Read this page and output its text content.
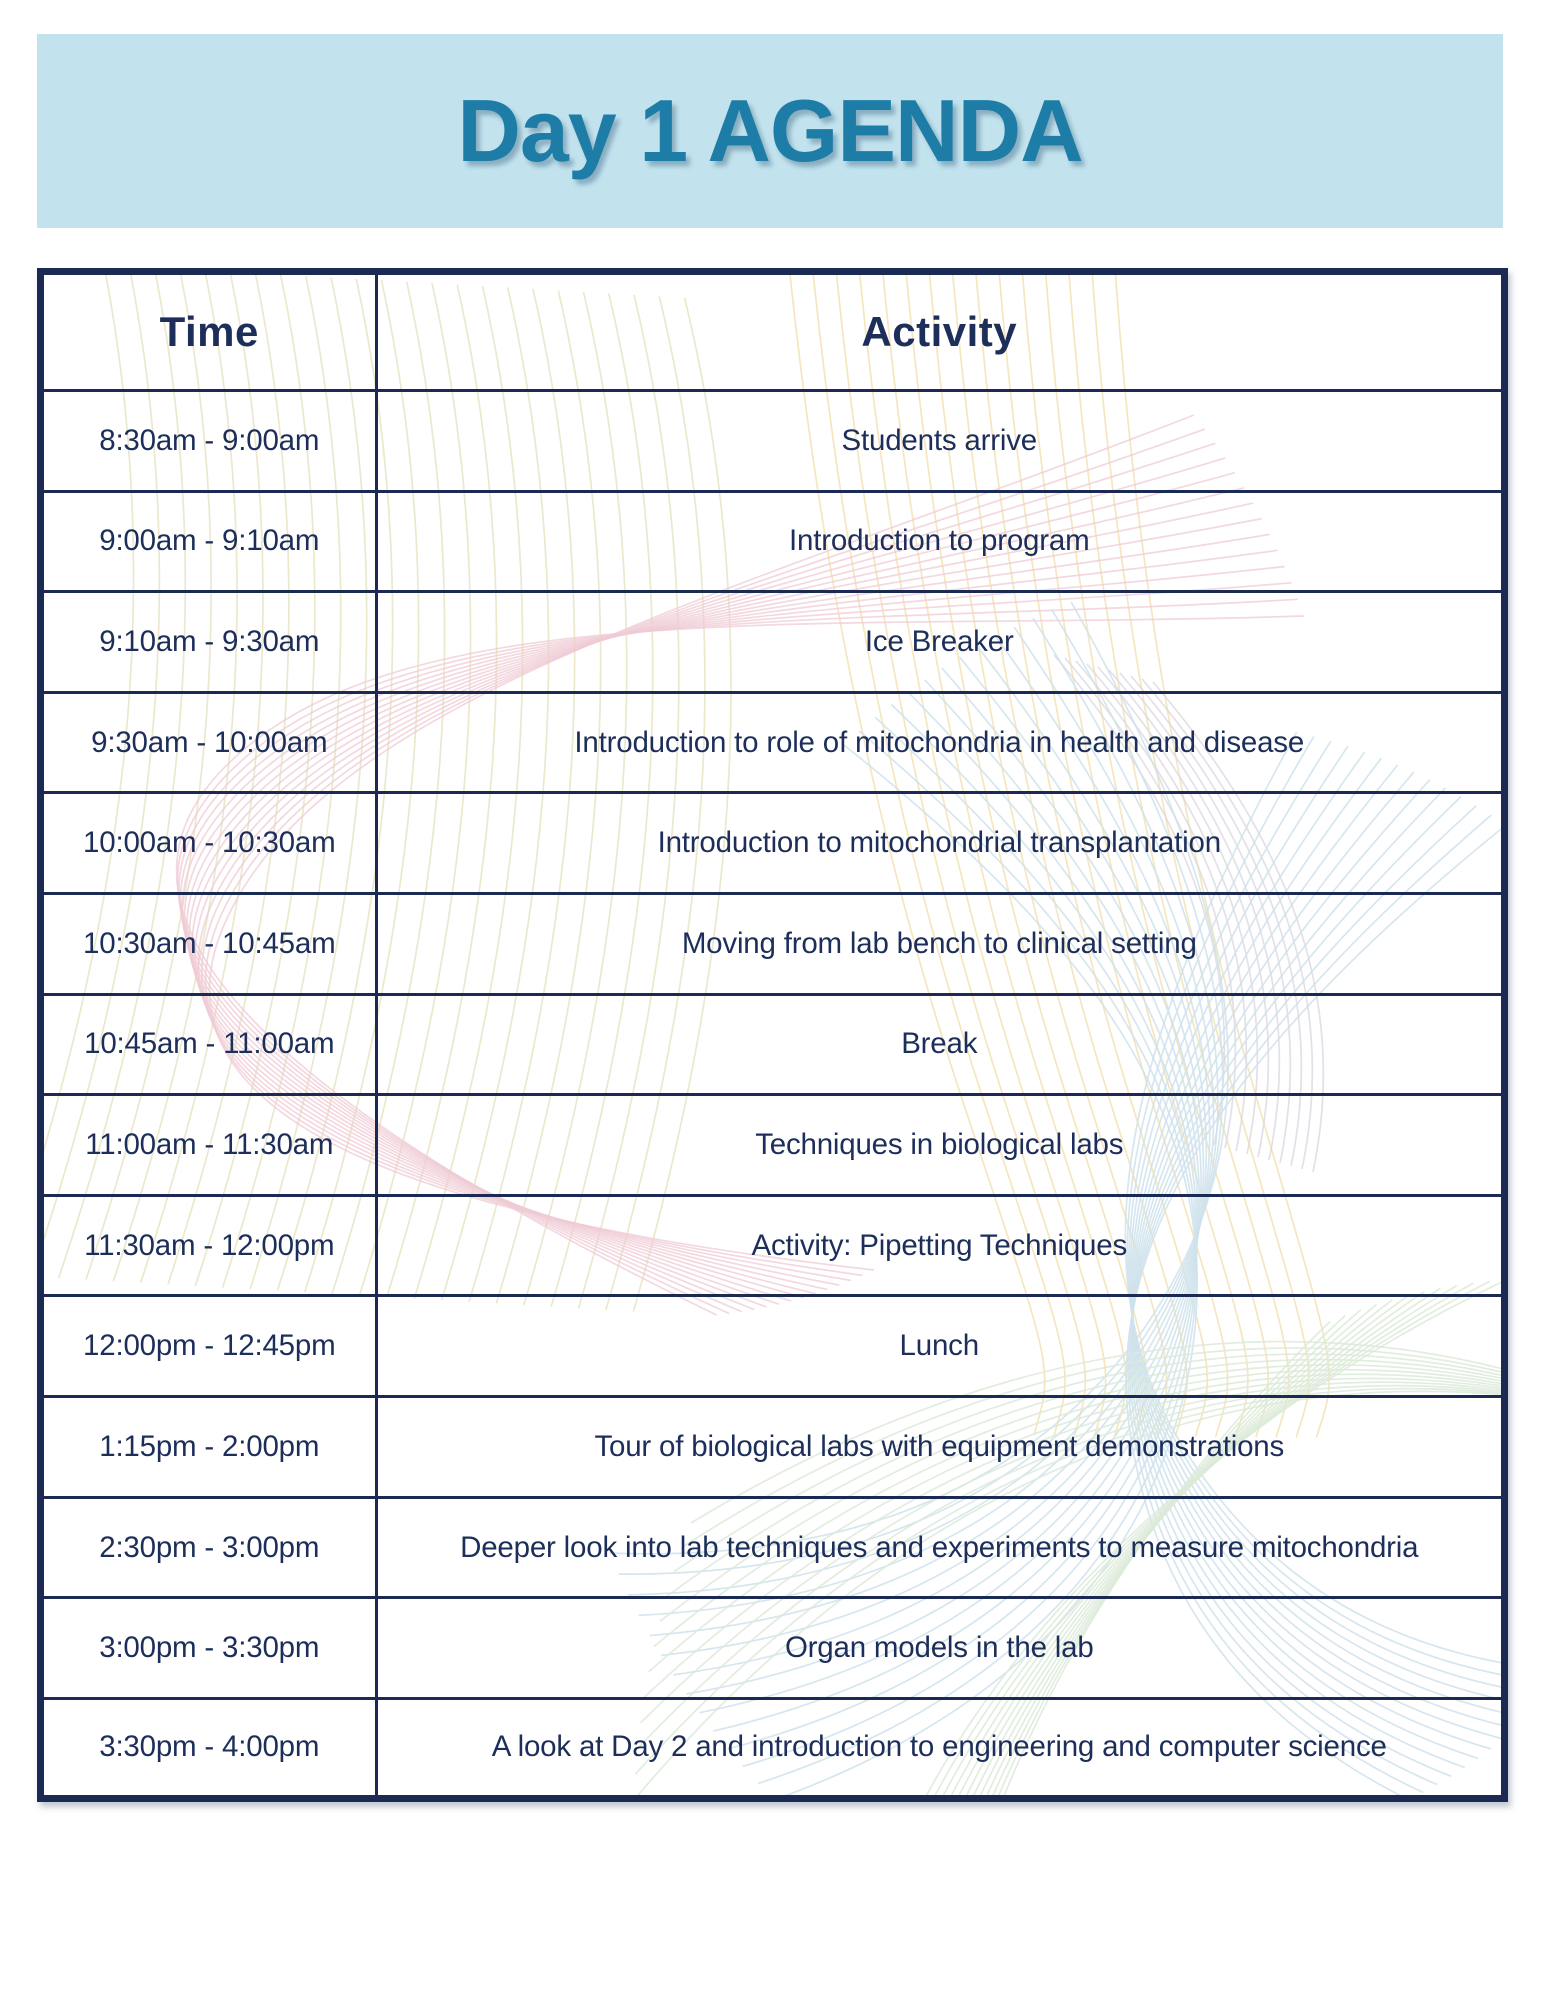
Day 1 AGENDA
Time	Activity
8:30am - 9:00am	Students arrive
9:00am - 9:10am	Introduction to program
9:10am - 9:30am	Ice Breaker
9:30am - 10:00am	Introduction to role of mitochondria in health and disease
10:00am - 10:30am	Introduction to mitochondrial transplantation
10:30am - 10:45am	Moving from lab bench to clinical setting
10:45am - 11:00am	Break
11:00am - 11:30am	Techniques in biological labs
11:30am - 12:00pm	Activity: Pipetting Techniques
12:00pm - 12:45pm	Lunch
1:15pm - 2:00pm	Tour of biological labs with equipment demonstrations
2:30pm - 3:00pm	Deeper look into lab techniques and experiments to measure mitochondria
3:00pm - 3:30pm	Organ models in the lab
3:30pm - 4:00pm	A look at Day 2 and introduction to engineering and computer science
